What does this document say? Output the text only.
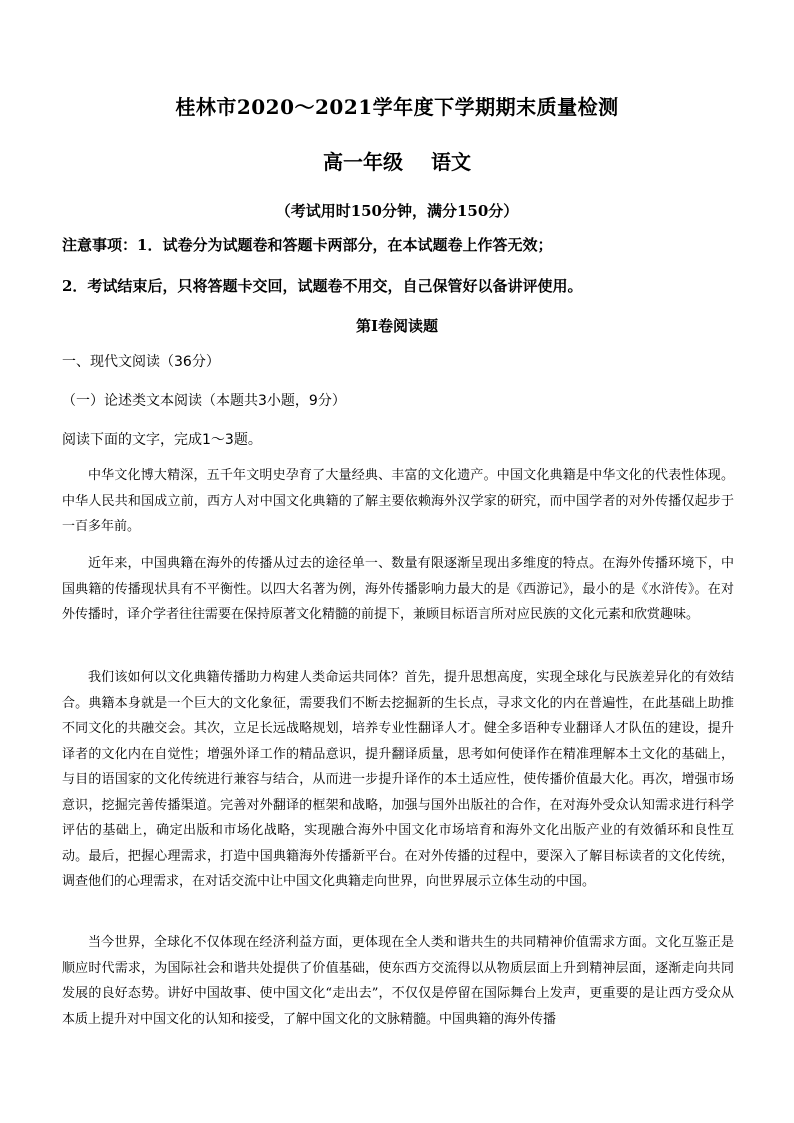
桂林市2020～2021学年度下学期期末质量检测
高一年级 语文
（考试用时150分钟，满分150分）
注意事项：1．试卷分为试题卷和答题卡两部分，在本试题卷上作答无效；
2．考试结束后，只将答题卡交回，试题卷不用交，自己保管好以备讲评使用。
第Ⅰ卷阅读题
一、现代文阅读（36分）
（一）论述类文本阅读（本题共3小题，9分）
阅读下面的文字，完成1～3题。
中华文化博大精深，五千年文明史孕育了大量经典、丰富的文化遗产。中国文化典籍是中华文化的代表性体现。中华人民共和国成立前，西方人对中国文化典籍的了解主要依赖海外汉学家的研究，而中国学者的对外传播仅起步于一百多年前。
近年来，中国典籍在海外的传播从过去的途径单一、数量有限逐渐呈现出多维度的特点。在海外传播环境下，中国典籍的传播现状具有不平衡性。以四大名著为例，海外传播影响力最大的是《西游记》，最小的是《水浒传》。在对外传播时，译介学者往往需要在保持原著文化精髓的前提下，兼顾目标语言所对应民族的文化元素和欣赏趣味。
我们该如何以文化典籍传播助力构建人类命运共同体？首先，提升思想高度，实现全球化与民族差异化的有效结合。典籍本身就是一个巨大的文化象征，需要我们不断去挖掘新的生长点，寻求文化的内在普遍性，在此基础上助推不同文化的共融交会。其次，立足长远战略规划，培养专业性翻译人才。健全多语种专业翻译人才队伍的建设，提升译者的文化内在自觉性；增强外译工作的精品意识，提升翻译质量，思考如何使译作在精准理解本土文化的基础上，与目的语国家的文化传统进行兼容与结合，从而进一步提升译作的本土适应性，使传播价值最大化。再次，增强市场意识，挖掘完善传播渠道。完善对外翻译的框架和战略，加强与国外出版社的合作，在对海外受众认知需求进行科学评估的基础上，确定出版和市场化战略，实现融合海外中国文化市场培育和海外文化出版产业的有效循环和良性互动。最后，把握心理需求，打造中国典籍海外传播新平台。在对外传播的过程中，要深入了解目标读者的文化传统，调查他们的心理需求，在对话交流中让中国文化典籍走向世界，向世界展示立体生动的中国。
当今世界，全球化不仅体现在经济利益方面，更体现在全人类和谐共生的共同精神价值需求方面。文化互鉴正是顺应时代需求，为国际社会和谐共处提供了价值基础，使东西方交流得以从物质层面上升到精神层面，逐渐走向共同发展的良好态势。讲好中国故事、使中国文化“走出去”，不仅仅是停留在国际舞台上发声，更重要的是让西方受众从本质上提升对中国文化的认知和接受，了解中国文化的文脉精髓。中国典籍的海外传播
